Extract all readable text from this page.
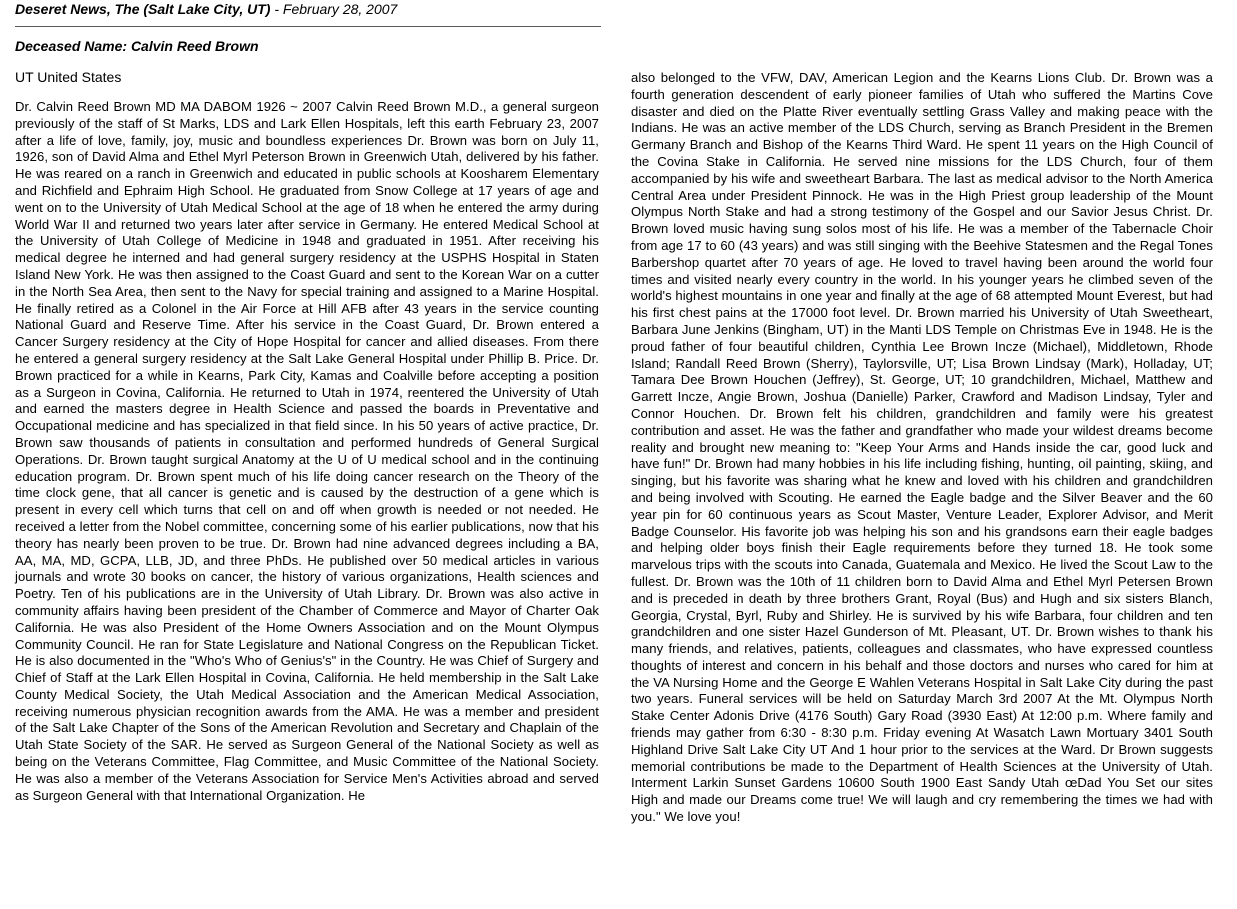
Deseret News, The (Salt Lake City, UT) - February 28, 2007
Deceased Name: Calvin Reed Brown
UT United States

Dr. Calvin Reed Brown MD MA DABOM 1926 ~ 2007 Calvin Reed Brown M.D., a general surgeon previously of the staff of St Marks, LDS and Lark Ellen Hospitals, left this earth February 23, 2007 after a life of love, family, joy, music and boundless experiences Dr. Brown was born on July 11, 1926, son of David Alma and Ethel Myrl Peterson Brown in Greenwich Utah, delivered by his father. He was reared on a ranch in Greenwich and educated in public schools at Koosharem Elementary and Richfield and Ephraim High School. He graduated from Snow College at 17 years of age and went on to the University of Utah Medical School at the age of 18 when he entered the army during World War II and returned two years later after service in Germany. He entered Medical School at the University of Utah College of Medicine in 1948 and graduated in 1951. After receiving his medical degree he interned and had general surgery residency at the USPHS Hospital in Staten Island New York. He was then assigned to the Coast Guard and sent to the Korean War on a cutter in the North Sea Area, then sent to the Navy for special training and assigned to a Marine Hospital. He finally retired as a Colonel in the Air Force at Hill AFB after 43 years in the service counting National Guard and Reserve Time. After his service in the Coast Guard, Dr. Brown entered a Cancer Surgery residency at the City of Hope Hospital for cancer and allied diseases. From there he entered a general surgery residency at the Salt Lake General Hospital under Phillip B. Price. Dr. Brown practiced for a while in Kearns, Park City, Kamas and Coalville before accepting a position as a Surgeon in Covina, California. He returned to Utah in 1974, reentered the University of Utah and earned the masters degree in Health Science and passed the boards in Preventative and Occupational medicine and has specialized in that field since. In his 50 years of active practice, Dr. Brown saw thousands of patients in consultation and performed hundreds of General Surgical Operations. Dr. Brown taught surgical Anatomy at the U of U medical school and in the continuing education program. Dr. Brown spent much of his life doing cancer research on the Theory of the time clock gene, that all cancer is genetic and is caused by the destruction of a gene which is present in every cell which turns that cell on and off when growth is needed or not needed. He received a letter from the Nobel committee, concerning some of his earlier publications, now that his theory has nearly been proven to be true. Dr. Brown had nine advanced degrees including a BA, AA, MA, MD, GCPA, LLB, JD, and three PhDs. He published over 50 medical articles in various journals and wrote 30 books on cancer, the history of various organizations, Health sciences and Poetry. Ten of his publications are in the University of Utah Library. Dr. Brown was also active in community affairs having been president of the Chamber of Commerce and Mayor of Charter Oak California. He was also President of the Home Owners Association and on the Mount Olympus Community Council. He ran for State Legislature and National Congress on the Republican Ticket. He is also documented in the "Who's Who of Genius's" in the Country. He was Chief of Surgery and Chief of Staff at the Lark Ellen Hospital in Covina, California. He held membership in the Salt Lake County Medical Society, the Utah Medical Association and the American Medical Association, receiving numerous physician recognition awards from the AMA. He was a member and president of the Salt Lake Chapter of the Sons of the American Revolution and Secretary and Chaplain of the Utah State Society of the SAR. He served as Surgeon General of the National Society as well as being on the Veterans Committee, Flag Committee, and Music Committee of the National Society. He was also a member of the Veterans Association for Service Men's Activities abroad and served as Surgeon General with that International Organization. He

also belonged to the VFW, DAV, American Legion and the Kearns Lions Club. Dr. Brown was a fourth generation descendent of early pioneer families of Utah who suffered the Martins Cove disaster and died on the Platte River eventually settling Grass Valley and making peace with the Indians. He was an active member of the LDS Church, serving as Branch President in the Bremen Germany Branch and Bishop of the Kearns Third Ward. He spent 11 years on the High Council of the Covina Stake in California. He served nine missions for the LDS Church, four of them accompanied by his wife and sweetheart Barbara. The last as medical advisor to the North America Central Area under President Pinnock. He was in the High Priest group leadership of the Mount Olympus North Stake and had a strong testimony of the Gospel and our Savior Jesus Christ. Dr. Brown loved music having sung solos most of his life. He was a member of the Tabernacle Choir from age 17 to 60 (43 years) and was still singing with the Beehive Statesmen and the Regal Tones Barbershop quartet after 70 years of age. He loved to travel having been around the world four times and visited nearly every country in the world. In his younger years he climbed seven of the world's highest mountains in one year and finally at the age of 68 attempted Mount Everest, but had his first chest pains at the 17000 foot level. Dr. Brown married his University of Utah Sweetheart, Barbara June Jenkins (Bingham, UT) in the Manti LDS Temple on Christmas Eve in 1948. He is the proud father of four beautiful children, Cynthia Lee Brown Incze (Michael), Middletown, Rhode Island; Randall Reed Brown (Sherry), Taylorsville, UT; Lisa Brown Lindsay (Mark), Holladay, UT; Tamara Dee Brown Houchen (Jeffrey), St. George, UT; 10 grandchildren, Michael, Matthew and Garrett Incze, Angie Brown, Joshua (Danielle) Parker, Crawford and Madison Lindsay, Tyler and Connor Houchen. Dr. Brown felt his children, grandchildren and family were his greatest contribution and asset. He was the father and grandfather who made your wildest dreams become reality and brought new meaning to: "Keep Your Arms and Hands inside the car, good luck and have fun!" Dr. Brown had many hobbies in his life including fishing, hunting, oil painting, skiing, and singing, but his favorite was sharing what he knew and loved with his children and grandchildren and being involved with Scouting. He earned the Eagle badge and the Silver Beaver and the 60 year pin for 60 continuous years as Scout Master, Venture Leader, Explorer Advisor, and Merit Badge Counselor. His favorite job was helping his son and his grandsons earn their eagle badges and helping older boys finish their Eagle requirements before they turned 18. He took some marvelous trips with the scouts into Canada, Guatemala and Mexico. He lived the Scout Law to the fullest. Dr. Brown was the 10th of 11 children born to David Alma and Ethel Myrl Petersen Brown and is preceded in death by three brothers Grant, Royal (Bus) and Hugh and six sisters Blanch, Georgia, Crystal, Byrl, Ruby and Shirley. He is survived by his wife Barbara, four children and ten grandchildren and one sister Hazel Gunderson of Mt. Pleasant, UT. Dr. Brown wishes to thank his many friends, and relatives, patients, colleagues and classmates, who have expressed countless thoughts of interest and concern in his behalf and those doctors and nurses who cared for him at the VA Nursing Home and the George E Wahlen Veterans Hospital in Salt Lake City during the past two years. Funeral services will be held on Saturday March 3rd 2007 At the Mt. Olympus North Stake Center Adonis Drive (4176 South) Gary Road (3930 East) At 12:00 p.m. Where family and friends may gather from 6:30 - 8:30 p.m. Friday evening At Wasatch Lawn Mortuary 3401 South Highland Drive Salt Lake City UT And 1 hour prior to the services at the Ward. Dr Brown suggests memorial contributions be made to the Department of Health Sciences at the University of Utah. Interment Larkin Sunset Gardens 10600 South 1900 East Sandy Utah œDad You Set our sites High and made our Dreams come true! We will laugh and cry remembering the times we had with you." We love you!
